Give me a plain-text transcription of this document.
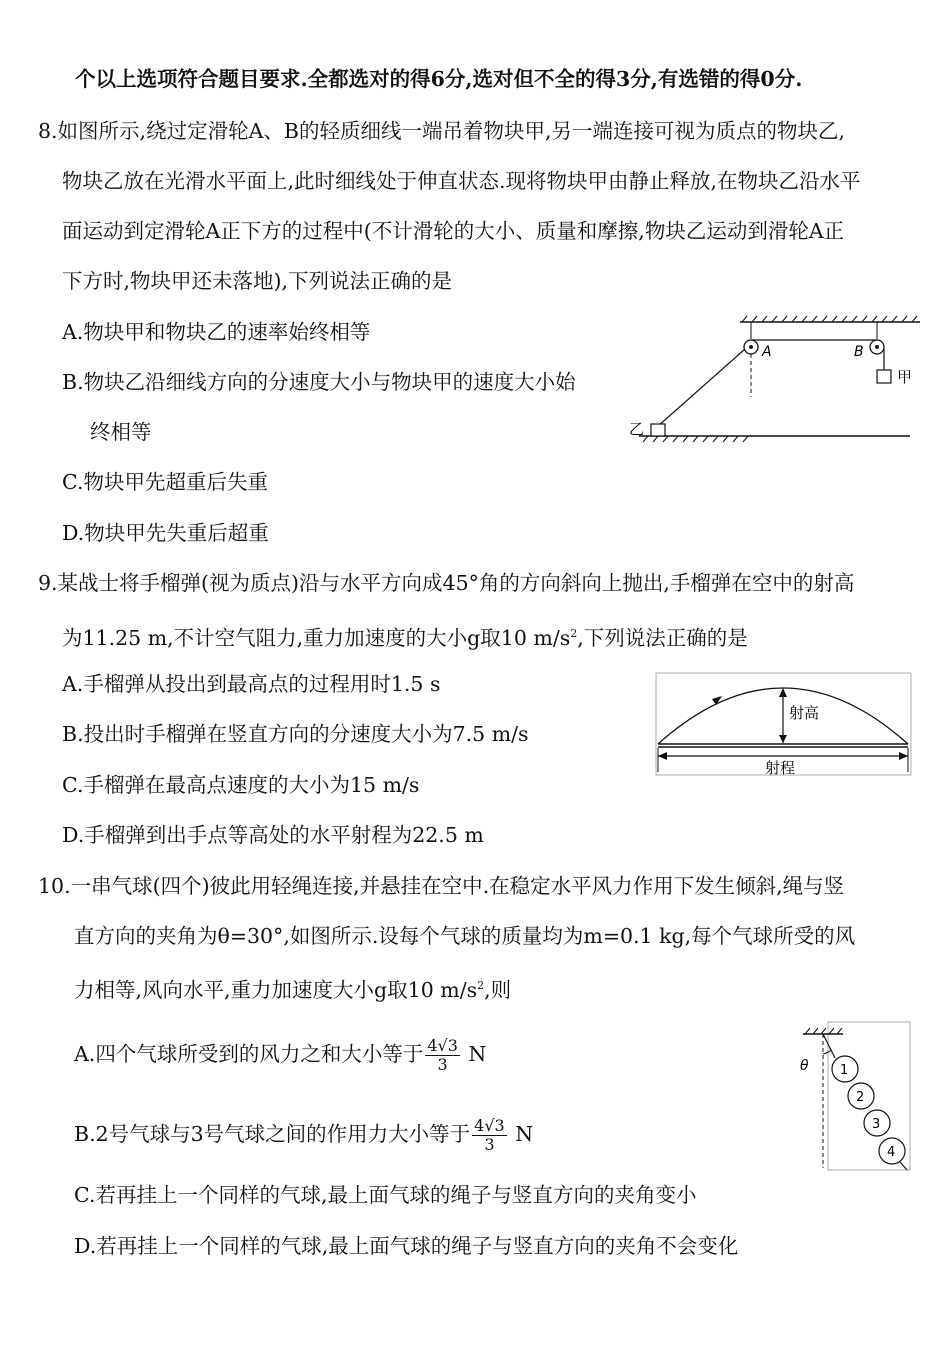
个以上选项符合题目要求.全都选对的得6分,选对但不全的得3分,有选错的得0分.
8.如图所示,绕过定滑轮A、B的轻质细线一端吊着物块甲,另一端连接可视为质点的物块乙,
物块乙放在光滑水平面上,此时细线处于伸直状态.现将物块甲由静止释放,在物块乙沿水平
面运动到定滑轮A正下方的过程中(不计滑轮的大小、质量和摩擦,物块乙运动到滑轮A正
下方时,物块甲还未落地),下列说法正确的是
A.物块甲和物块乙的速率始终相等
B.物块乙沿细线方向的分速度大小与物块甲的速度大小始
终相等
C.物块甲先超重后失重
D.物块甲先失重后超重
A	B
甲
乙
9.某战士将手榴弹(视为质点)沿与水平方向成45°角的方向斜向上抛出,手榴弹在空中的射高
为11.25 m,不计空气阻力,重力加速度的大小g取10 $m/s^2$,下列说法正确的是
A.手榴弹从投出到最高点的过程用时1.5 s
B.投出时手榴弹在竖直方向的分速度大小为7.5 m/s
C.手榴弹在最高点速度的大小为15 m/s
D.手榴弹到出手点等高处的水平射程为22.5 m
射高
射程
10.一串气球(四个)彼此用轻绳连接,并悬挂在空中.在稳定水平风力作用下发生倾斜,绳与竖
直方向的夹角为θ=30°,如图所示.设每个气球的质量均为m=0.1 kg,每个气球所受的风
力相等,风向水平,重力加速度大小g取10 $m/s^2$,则
A.四个气球所受到的风力之和大小等于 $\frac{4√3}{3}$ N
B.2号气球与3号气球之间的作用力大小等于 $\frac{4√3}{3}$ N
C.若再挂上一个同样的气球,最上面气球的绳子与竖直方向的夹角变小
D.若再挂上一个同样的气球,最上面气球的绳子与竖直方向的夹角不会变化
θ 1
2
3
4
